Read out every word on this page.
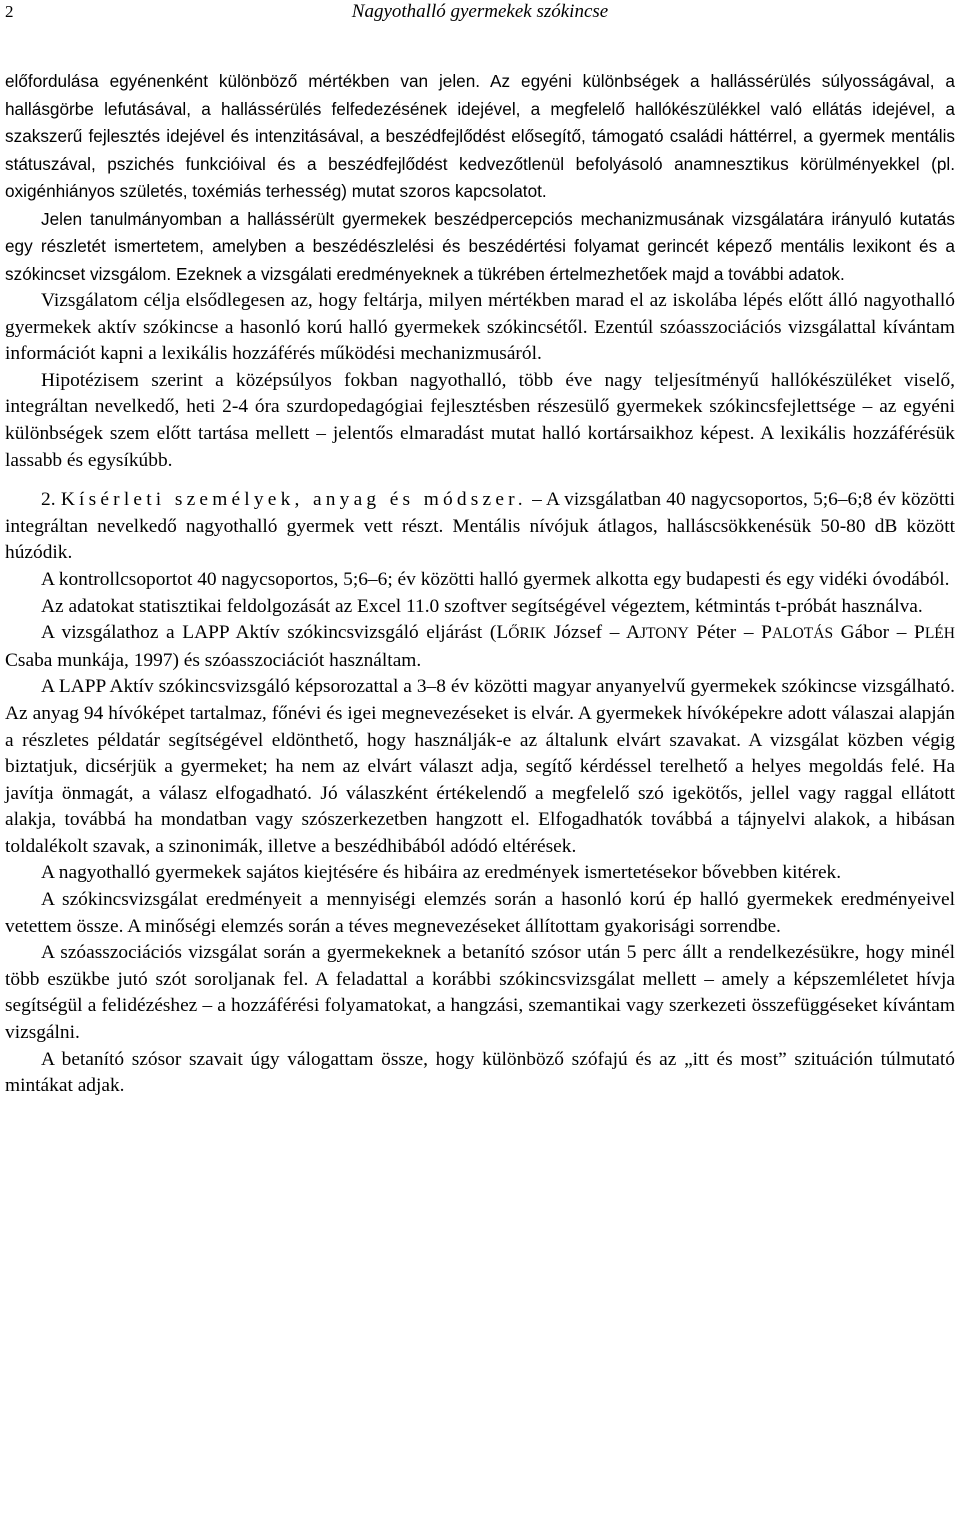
2	Nagyothalló gyermekek szókincse

előfordulása egyénenként különböző mértékben van jelen. Az egyéni különbségek a hallássérülés súlyosságával, a hallásgörbe lefutásával, a hallássérülés felfedezésének idejével, a megfelelő hallókészülékkel való ellátás idejével, a szakszerű fejlesztés idejével és intenzitásával, a beszédfejlődést elősegítő, támogató családi háttérrel, a gyermek mentális státuszával, pszichés funkcióival és a beszédfejlődést kedvezőtlenül befolyásoló anamnesztikus körülményekkel (pl. oxigénhiányos születés, toxémiás terhesség) mutat szoros kapcsolatot.

Jelen tanulmányomban a hallássérült gyermekek beszédpercepciós mechanizmusának vizsgálatára irányuló kutatás egy részletét ismertetem, amelyben a beszédészlelési és beszédértési folyamat gerincét képező mentális lexikont és a szókincset vizsgálom. Ezeknek a vizsgálati eredményeknek a tükrében értelmezhetőek majd a további adatok.

Vizsgálatom célja elsődlegesen az, hogy feltárja, milyen mértékben marad el az iskolába lépés előtt álló nagyothalló gyermekek aktív szókincse a hasonló korú halló gyermekek szókincsétől. Ezentúl szóasszociációs vizsgálattal kívántam információt kapni a lexikális hozzáférés működési mechanizmusáról.

Hipotézisem szerint a középsúlyos fokban nagyothalló, több éve nagy teljesítményű hallókészüléket viselő, integráltan nevelkedő, heti 2-4 óra szurdopedagógiai fejlesztésben részesülő gyermekek szókincsfejlettsége – az egyéni különbségek szem előtt tartása mellett – jelentős elmaradást mutat halló kortársaikhoz képest. A lexikális hozzáférésük lassabb és egysíkúbb.

2. Kísérleti személyek, anyag és módszer. – A vizsgálatban 40 nagycsoportos, 5;6–6;8 év közötti integráltan nevelkedő nagyothalló gyermek vett részt. Mentális nívójuk átlagos, halláscsökkenésük 50-80 dB között húzódik.

A kontrollcsoportot 40 nagycsoportos, 5;6–6; év közötti halló gyermek alkotta egy budapesti és egy vidéki óvodából.

Az adatokat statisztikai feldolgozását az Excel 11.0 szoftver segítségével végeztem, kétmintás t-próbát használva.

A vizsgálathoz a LAPP Aktív szókincsvizsgáló eljárást (LŐRIK József – AJTONY Péter – PALOTÁS Gábor – PLÉH Csaba munkája, 1997) és szóasszociációt használtam.

A LAPP Aktív szókincsvizsgáló képsorozattal a 3–8 év közötti magyar anyanyelvű gyermekek szókincse vizsgálható. Az anyag 94 hívóképet tartalmaz, főnévi és igei megnevezéseket is elvár. A gyermekek hívóképekre adott válaszai alapján a részletes példatár segítségével eldönthető, hogy használják-e az általunk elvárt szavakat. A vizsgálat közben végig biztatjuk, dicsérjük a gyermeket; ha nem az elvárt választ adja, segítő kérdéssel terelhető a helyes megoldás felé. Ha javítja önmagát, a válasz elfogadható. Jó válaszként értékelendő a megfelelő szó igekötős, jellel vagy raggal ellátott alakja, továbbá ha mondatban vagy szószerkezetben hangzott el. Elfogadhatók továbbá a tájnyelvi alakok, a hibásan toldalékolt szavak, a szinonimák, illetve a beszédhibából adódó eltérések.

A nagyothalló gyermekek sajátos kiejtésére és hibáira az eredmények ismertetésekor bővebben kitérek.

A szókincsvizsgálat eredményeit a mennyiségi elemzés során a hasonló korú ép halló gyermekek eredményeivel vetettem össze. A minőségi elemzés során a téves megnevezéseket állítottam gyakorisági sorrendbe.

A szóasszociációs vizsgálat során a gyermekeknek a betanító szósor után 5 perc állt a rendelkezésükre, hogy minél több eszükbe jutó szót soroljanak fel. A feladattal a korábbi szókincsvizsgálat mellett – amely a képszemléletet hívja segítségül a felidézéshez – a hozzáférési folyamatokat, a hangzási, szemantikai vagy szerkezeti összefüggéseket kívántam vizsgálni.

A betanító szósor szavait úgy válogattam össze, hogy különböző szófajú és az „itt és most” szituáción túlmutató mintákat adjak.
